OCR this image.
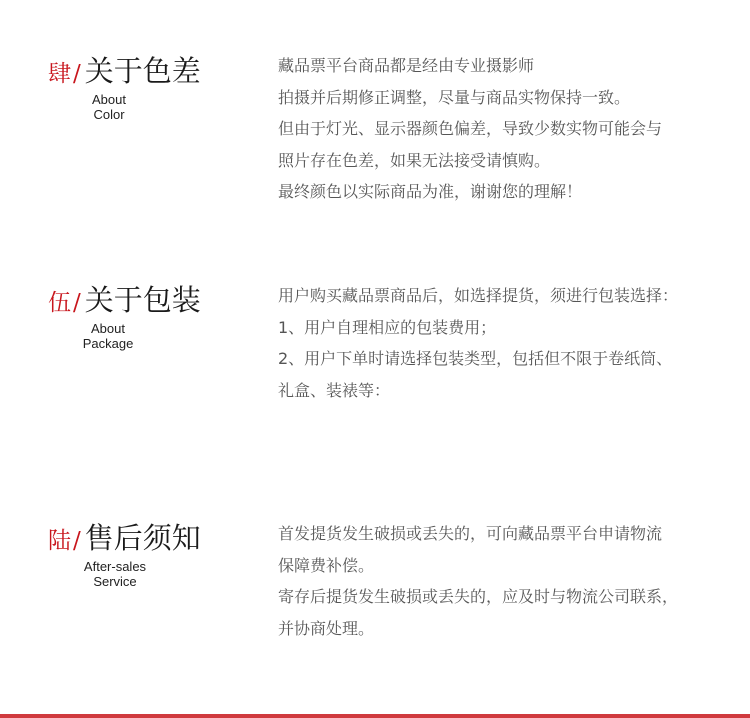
肆/ 关于色差
About
Color
藏品票平台商品都是经由专业摄影师
拍摄并后期修正调整，尽量与商品实物保持一致。
但由于灯光、显示器颜色偏差，导致少数实物可能会与
照片存在色差，如果无法接受请慎购。
最终颜色以实际商品为准，谢谢您的理解！
伍/ 关于包装
About
Package
用户购买藏品票商品后，如选择提货，须进行包装选择：
1、用户自理相应的包装费用；
2、用户下单时请选择包装类型，包括但不限于卷纸筒、
礼盒、装裱等：
陆/ 售后须知
After-sales
Service
首发提货发生破损或丢失的，可向藏品票平台申请物流
保障费补偿。
寄存后提货发生破损或丢失的，应及时与物流公司联系，
并协商处理。
